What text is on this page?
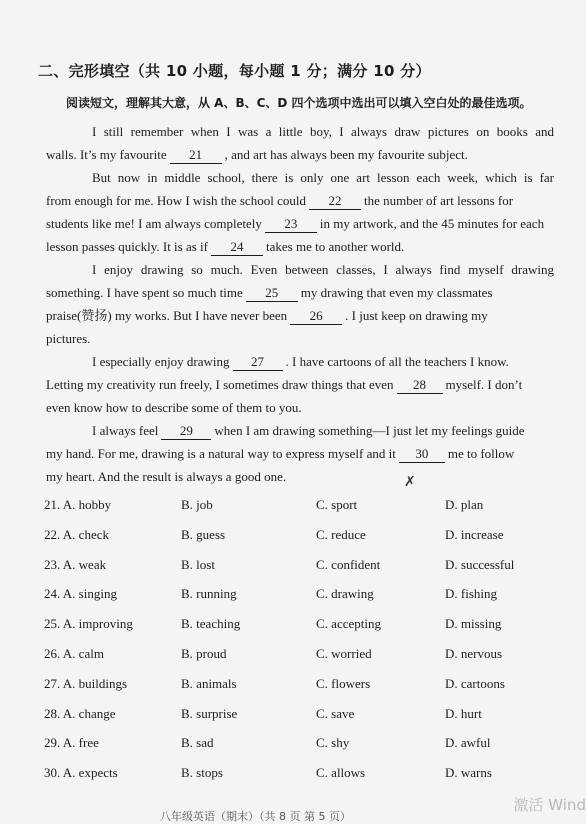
二、完形填空（共 10 小题，每小题 1 分；满分 10 分）
阅读短文，理解其大意，从 A、B、C、D 四个选项中选出可以填入空白处的最佳选项。
I still remember when I was a little boy, I always draw pictures on books and
walls. It’s my favourite 21 , and art has always been my favourite subject.
But now in middle school, there is only one art lesson each week, which is far
from enough for me. How I wish the school could 22 the number of art lessons for
students like me! I am always completely 23 in my artwork, and the 45 minutes for each
lesson passes quickly. It is as if 24 takes me to another world.
I enjoy drawing so much. Even between classes, I always find myself drawing
something. I have spent so much time 25 my drawing that even my classmates
praise(赞扬) my works. But I have never been 26 . I just keep on drawing my
pictures.
I especially enjoy drawing 27 . I have cartoons of all the teachers I know.
Letting my creativity run freely, I sometimes draw things that even 28 myself. I don’t
even know how to describe some of them to you.
I always feel 29 when I am drawing something—I just let my feelings guide
my hand. For me, drawing is a natural way to express myself and it 30 me to follow
my heart. And the result is always a good one.	✗
21. A. hobby	B. job	C. sport	D. plan
22. A. check	B. guess	C. reduce	D. increase
23. A. weak	B. lost	C. confident	D. successful
24. A. singing	B. running	C. drawing	D. fishing
25. A. improving	B. teaching	C. accepting	D. missing
26. A. calm	B. proud	C. worried	D. nervous
27. A. buildings	B. animals	C. flowers	D. cartoons
28. A. change	B. surprise	C. save	D. hurt
29. A. free	B. sad	C. shy	D. awful
30. A. expects	B. stops	C. allows	D. warns
八年级英语（期末）（共 8 页 第 5 页）
激活 Wind
